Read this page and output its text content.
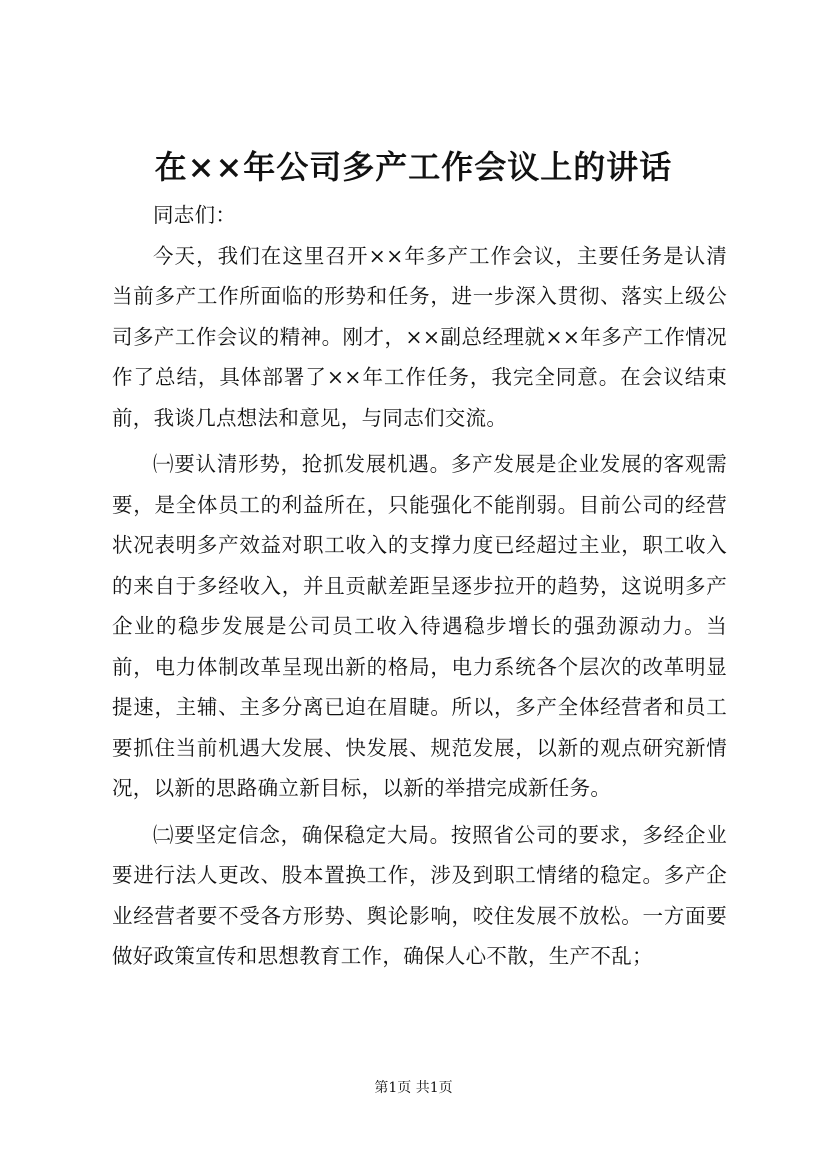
在××年公司多产工作会议上的讲话

同志们：

今天，我们在这里召开××年多产工作会议，主要任务是认清当前多产工作所面临的形势和任务，进一步深入贯彻、落实上级公司多产工作会议的精神。刚才，××副总经理就××年多产工作情况作了总结，具体部署了××年工作任务，我完全同意。在会议结束前，我谈几点想法和意见，与同志们交流。

㈠要认清形势，抢抓发展机遇。多产发展是企业发展的客观需要，是全体员工的利益所在，只能强化不能削弱。目前公司的经营状况表明多产效益对职工收入的支撑力度已经超过主业，职工收入的来自于多经收入，并且贡献差距呈逐步拉开的趋势，这说明多产企业的稳步发展是公司员工收入待遇稳步增长的强劲源动力。当前，电力体制改革呈现出新的格局，电力系统各个层次的改革明显提速，主辅、主多分离已迫在眉睫。所以，多产全体经营者和员工要抓住当前机遇大发展、快发展、规范发展，以新的观点研究新情况，以新的思路确立新目标，以新的举措完成新任务。

㈡要坚定信念，确保稳定大局。按照省公司的要求，多经企业要进行法人更改、股本置换工作，涉及到职工情绪的稳定。多产企业经营者要不受各方形势、舆论影响，咬住发展不放松。一方面要做好政策宣传和思想教育工作，确保人心不散，生产不乱；

第1页 共1页
